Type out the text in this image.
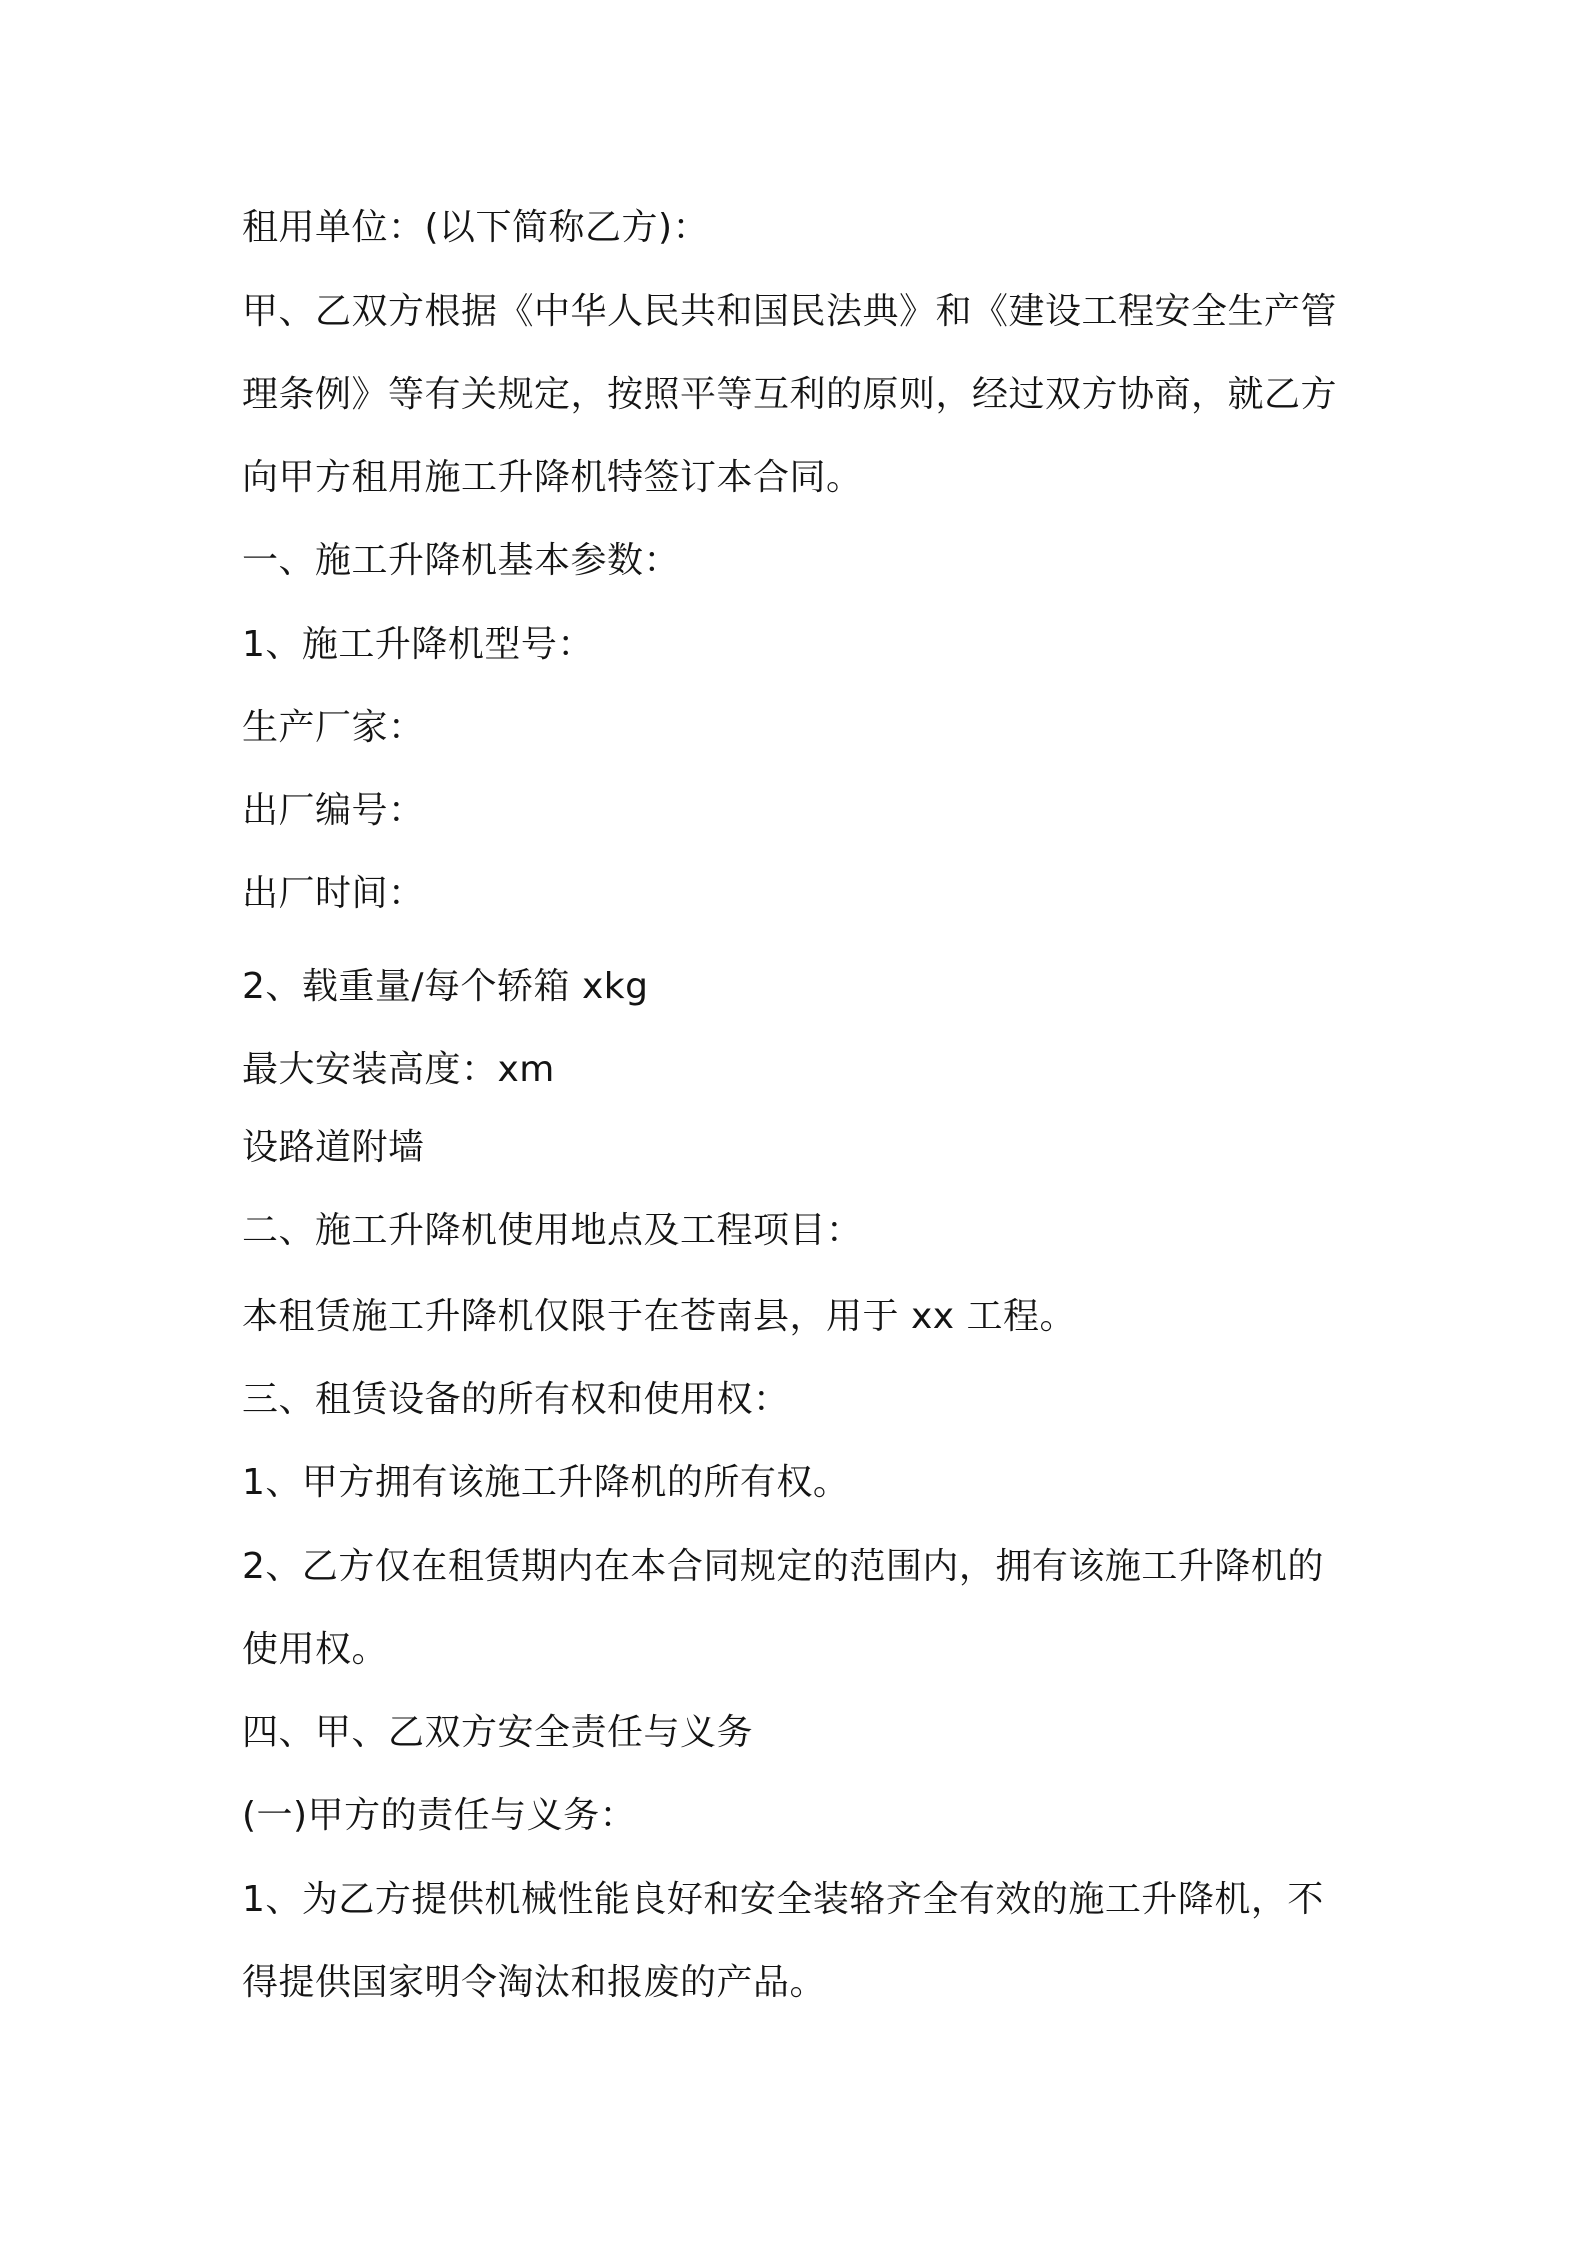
租用单位：(以下简称乙方)：

甲、乙双方根据《中华人民共和国民法典》和《建设工程安全生产管

理条例》等有关规定，按照平等互利的原则，经过双方协商，就乙方

向甲方租用施工升降机特签订本合同。

一、施工升降机基本参数：

1、施工升降机型号：

生产厂家：

出厂编号：

出厂时间：

2、载重量/每个轿箱 xkg

最大安装高度：xm

设路道附墙

二、施工升降机使用地点及工程项目：

本租赁施工升降机仅限于在苍南县，用于 xx 工程。

三、租赁设备的所有权和使用权：

1、甲方拥有该施工升降机的所有权。

2、乙方仅在租赁期内在本合同规定的范围内，拥有该施工升降机的

使用权。

四、甲、乙双方安全责任与义务

(一)甲方的责任与义务：

1、为乙方提供机械性能良好和安全装辂齐全有效的施工升降机，不

得提供国家明令淘汰和报废的产品。
